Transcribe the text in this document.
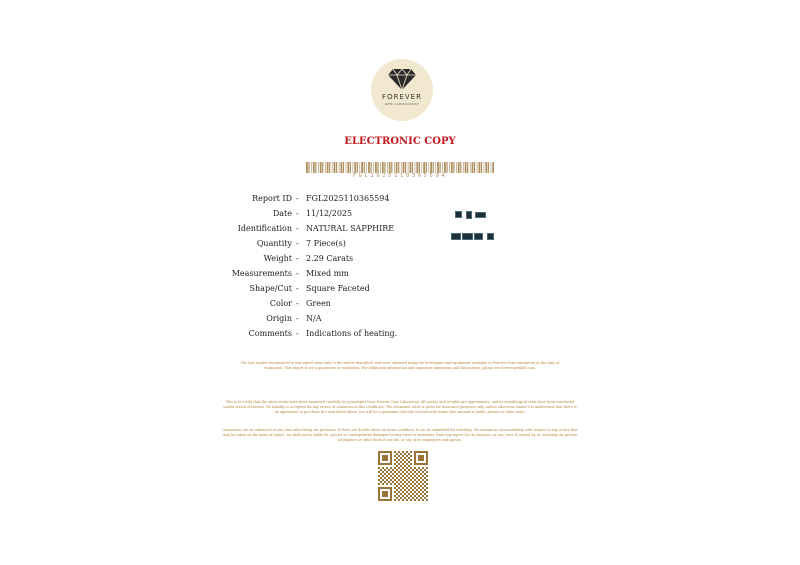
FOREVER
GEM LABORATORY
ELECTRONIC COPY
FGL2025110365594
Report ID - FGL2025110365594
Date - 11/12/2025
Identification - NATURAL SAPPHIRE
Quantity - 7 Piece(s)
Weight - 2.29 Carats
Measurements - Mixed mm
Shape/Cut - Square Faceted
Color - Green
Origin - N/A
Comments - Indications of heating.
The test results documented in this report refer only to the article described, and were obtained using the techniques and equipment available to Forever Gem Laboratory at the time of evaluation. This report is not a guarantee or evaluation. For additional information and important limitations and disclaimers, please see forevergemlab.com.
This is to verify that the above items have been examined carefully by gemologist from Forever Gem Laboratory. All grades and weights are approximate, and no metallurgical tests have been conducted unless stated otherwise. No liability is accepted for any errors or omissions in this certificate. The estimated value is given for insurance purposes only, unless otherwise stated it is understood that there is an agreement to purchase the item listed above, nor will be a guarantee that the set item will realize this amount at public private or other sales.
Gemstones can be enhanced at any time after living our premises. If there are doubts about an items condition, it can be submitted for retesting. We assume no accountability with respect to any action that may be taken on the basis of report, we shall not be liable for special or consequential damages for any error or omissions, from any report for its issuance, or use, even if caused by, or resulting the proven negligence or other fault of our lab, or any of its employees and agents.
